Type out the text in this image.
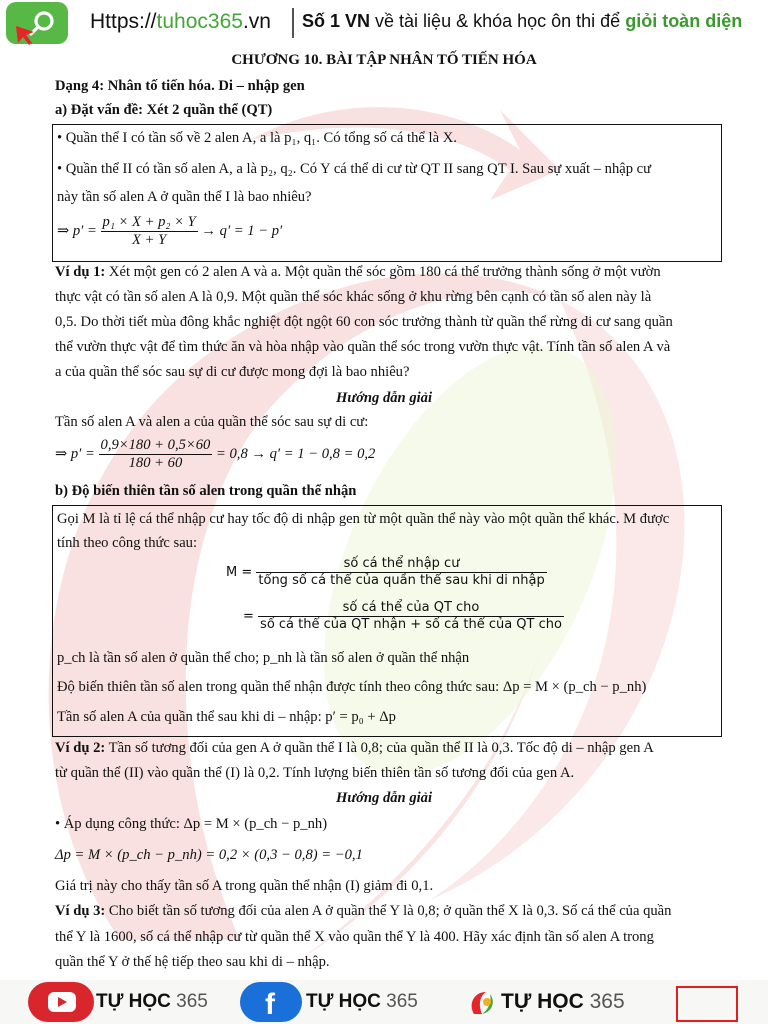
Https://tuhoc365.vn Số 1 VN về tài liệu & khóa học ôn thi để giỏi toàn diện
CHƯƠNG 10. BÀI TẬP NHÂN TỐ TIẾN HÓA
Dạng 4: Nhân tố tiến hóa. Di – nhập gen
a) Đặt vấn đề: Xét 2 quần thể (QT)
• Quần thể I có tần số về 2 alen A, a là p₁, q₁. Có tổng số cá thể là X.
• Quần thể II có tần số alen A, a là p₂, q₂. Có Y cá thể di cư từ QT II sang QT I. Sau sự xuất – nhập cư
này tần số alen A ở quần thể I là bao nhiêu?
⇒ $p' = \frac{\text{p₁ × X + p₂ × Y}}{X + Y} \to q' = 1 - p'$
Ví dụ 1: Xét một gen có 2 alen A và a. Một quần thể sóc gồm 180 cá thể trưởng thành sống ở một vườn
thực vật có tần số alen A là 0,9. Một quần thể sóc khác sống ở khu rừng bên cạnh có tần số alen này là
0,5. Do thời tiết mùa đông khắc nghiệt đột ngột 60 con sóc trưởng thành từ quần thể rừng di cư sang quần
thể vườn thực vật để tìm thức ăn và hòa nhập vào quần thể sóc trong vườn thực vật. Tính tần số alen A và
a của quần thể sóc sau sự di cư được mong đợi là bao nhiêu?
Hướng dẫn giải
Tần số alen A và alen a của quần thể sóc sau sự di cư:
⇒ $p' = \frac{0,9\times 180 + 0,5\times 60}{180 + 60} = 0,8 \to q' = 1 - 0,8 = 0,2$
b) Độ biến thiên tần số alen trong quần thể nhận
Gọi M là tỉ lệ cá thể nhập cư hay tốc độ di nhập gen từ một quần thể này vào một quần thể khác. M được
tính theo công thức sau:
$M = \frac{\text{số cá thể nhập cư}}{\text{tổng số cá thể của quần thể sau khi di nhập}}$
= $\frac{\text{số cá thể của QT cho}}{\text{số cá thể của QT nhận + số cá thể của QT cho}}$
p_ch là tần số alen ở quần thể cho; p_nh là tần số alen ở quần thể nhận
Độ biến thiên tần số alen trong quần thể nhận được tính theo công thức sau: Δp = M × (p_ch − p_nh)
Tần số alen A của quần thể sau khi di – nhập: p′ = p₀ + Δp
Ví dụ 2: Tần số tương đối của gen A ở quần thể I là 0,8; của quần thể II là 0,3. Tốc độ di – nhập gen A
từ quần thể (II) vào quần thể (I) là 0,2. Tính lượng biến thiên tần số tương đối của gen A.
Hướng dẫn giải
• Áp dụng công thức: Δp = M × (p_ch − p_nh)
Δp = M × (p_ch − p_nh) = 0,2 × (0,3 − 0,8) = −0,1
Giá trị này cho thấy tần số A trong quần thể nhận (I) giảm đi 0,1.
Ví dụ 3: Cho biết tần số tương đối của alen A ở quần thể Y là 0,8; ở quần thể X là 0,3. Số cá thể của quần
thể Y là 1600, số cá thể nhập cư từ quần thể X vào quần thể Y là 400. Hãy xác định tần số alen A trong
quần thể Y ở thế hệ tiếp theo sau khi di – nhập.
TỰ HỌC 365 f TỰ HỌC 365	TỰ HỌC 365
